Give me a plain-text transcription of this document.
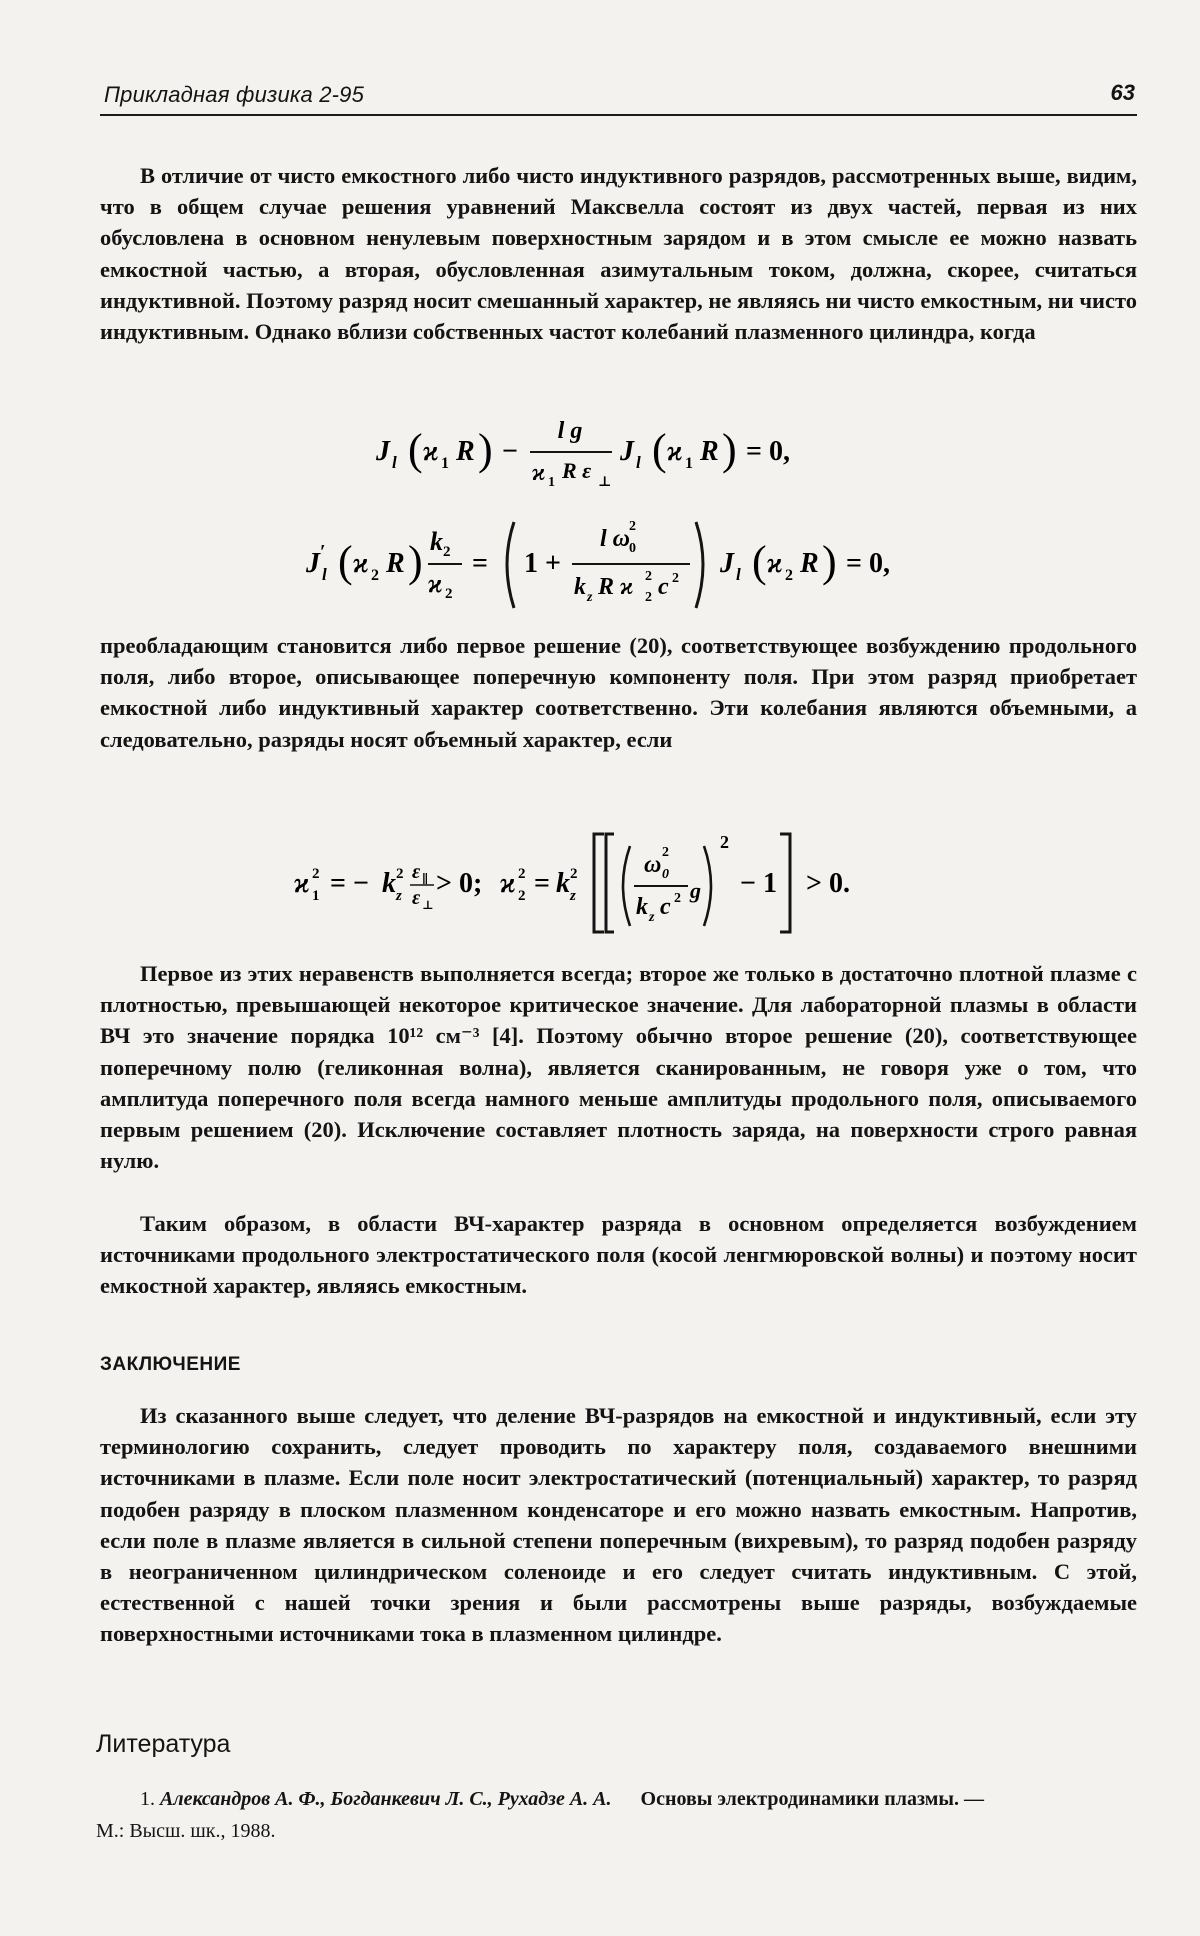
Прикладная физика 2-95	63

В отличие от чисто емкостного либо чисто индуктивного разрядов, рассмотренных выше, видим, что в общем случае решения уравнений Максвелла состоят из двух частей, первая из них обусловлена в основном ненулевым поверхностным зарядом и в этом смысле ее можно назвать емкостной частью, а вторая, обусловленная азимутальным током, должна, скорее, считаться индуктивной. Поэтому разряд носит смешанный характер, не являясь ни чисто емкостным, ни чисто индуктивным. Однако вблизи собственных частот колебаний плазменного цилиндра, когда

J l ( ϰ 1 R ) −
l g
ϰ 1 R ε ⊥
J l ( ϰ 1 R ) = 0,
J ′
l ( ϰ 2 R ) k 2
ϰ 2
= 1 +
l ω
2
0
k z R ϰ 2
2 c 2 J l ( ϰ 2 R ) = 0,

преобладающим становится либо первое решение (20), соответствующее возбуждению продольного поля, либо второе, описывающее поперечную компоненту поля. При этом разряд приобретает емкостной либо индуктивный характер соответственно. Эти колебания являются объемными, а следовательно, разряды носят объемный характер, если

ϰ 2
1 = − k 2
z
ε ∥
ε ⊥
> 0; ϰ 2
2 = k 2
z
ω 2
0
k z c 2 g
2
− 1 > 0.

Первое из этих неравенств выполняется всегда; второе же только в достаточно плотной плазме с плотностью, превышающей некоторое критическое значение. Для лабораторной плазмы в области ВЧ это значение порядка 10¹² см⁻³ [4]. Поэтому обычно второе решение (20), соответствующее поперечному полю (геликонная волна), является сканированным, не говоря уже о том, что амплитуда поперечного поля всегда намного меньше амплитуды продольного поля, описываемого первым решением (20). Исключение составляет плотность заряда, на поверхности строго равная нулю.

Таким образом, в области ВЧ-характер разряда в основном определяется возбуждением источниками продольного электростатического поля (косой ленгмюровской волны) и поэтому носит емкостной характер, являясь емкостным.

ЗАКЛЮЧЕНИЕ

Из сказанного выше следует, что деление ВЧ-разрядов на емкостной и индуктивный, если эту терминологию сохранить, следует проводить по характеру поля, создаваемого внешними источниками в плазме. Если поле носит электростатический (потенциальный) характер, то разряд подобен разряду в плоском плазменном конденсаторе и его можно назвать емкостным. Напротив, если поле в плазме является в сильной степени поперечным (вихревым), то разряд подобен разряду в неограниченном цилиндрическом соленоиде и его следует считать индуктивным. С этой, естественной с нашей точки зрения и были рассмотрены выше разряды, возбуждаемые поверхностными источниками тока в плазменном цилиндре.

Литература
1. Александров А. Ф., Богданкевич Л. С., Рухадзе А. А. Основы электродинамики плазмы. —
М.: Высш. шк., 1988.
